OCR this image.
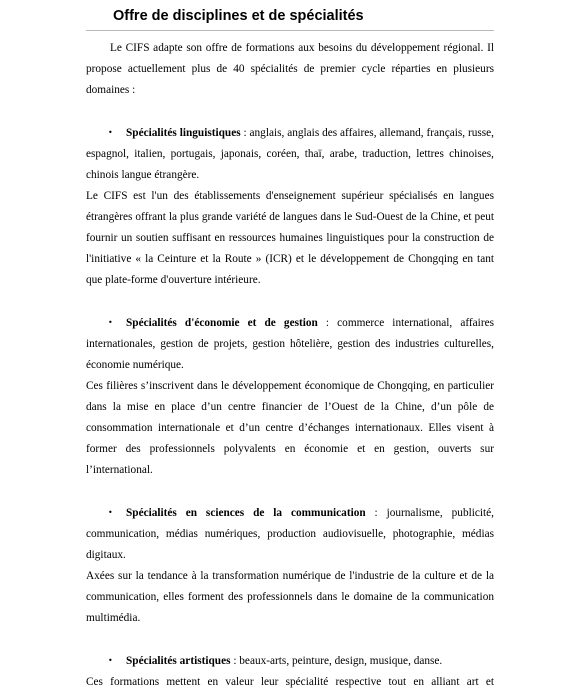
Offre de disciplines et de spécialités

Le CIFS adapte son offre de formations aux besoins du développement régional. Il propose actuellement plus de 40 spécialités de premier cycle réparties en plusieurs domaines :

• Spécialités linguistiques : anglais, anglais des affaires, allemand, français, russe, espagnol, italien, portugais, japonais, coréen, thaï, arabe, traduction, lettres chinoises, chinois langue étrangère.

Le CIFS est l'un des établissements d'enseignement supérieur spécialisés en langues étrangères offrant la plus grande variété de langues dans le Sud-Ouest de la Chine, et peut fournir un soutien suffisant en ressources humaines linguistiques pour la construction de l'initiative « la Ceinture et la Route » (ICR) et le développement de Chongqing en tant que plate-forme d'ouverture intérieure.

• Spécialités d'économie et de gestion : commerce international, affaires internationales, gestion de projets, gestion hôtelière, gestion des industries culturelles, économie numérique.

Ces filières s’inscrivent dans le développement économique de Chongqing, en particulier dans la mise en place d’un centre financier de l’Ouest de la Chine, d’un pôle de consommation internationale et d’un centre d’échanges internationaux. Elles visent à former des professionnels polyvalents en économie et en gestion, ouverts sur l’international.

• Spécialités en sciences de la communication : journalisme, publicité, communication, médias numériques, production audiovisuelle, photographie, médias digitaux.

Axées sur la tendance à la transformation numérique de l'industrie de la culture et de la communication, elles forment des professionnels dans le domaine de la communication multimédia.

• Spécialités artistiques : beaux-arts, peinture, design, musique, danse.

Ces formations mettent en valeur leur spécialité respective tout en alliant art et
